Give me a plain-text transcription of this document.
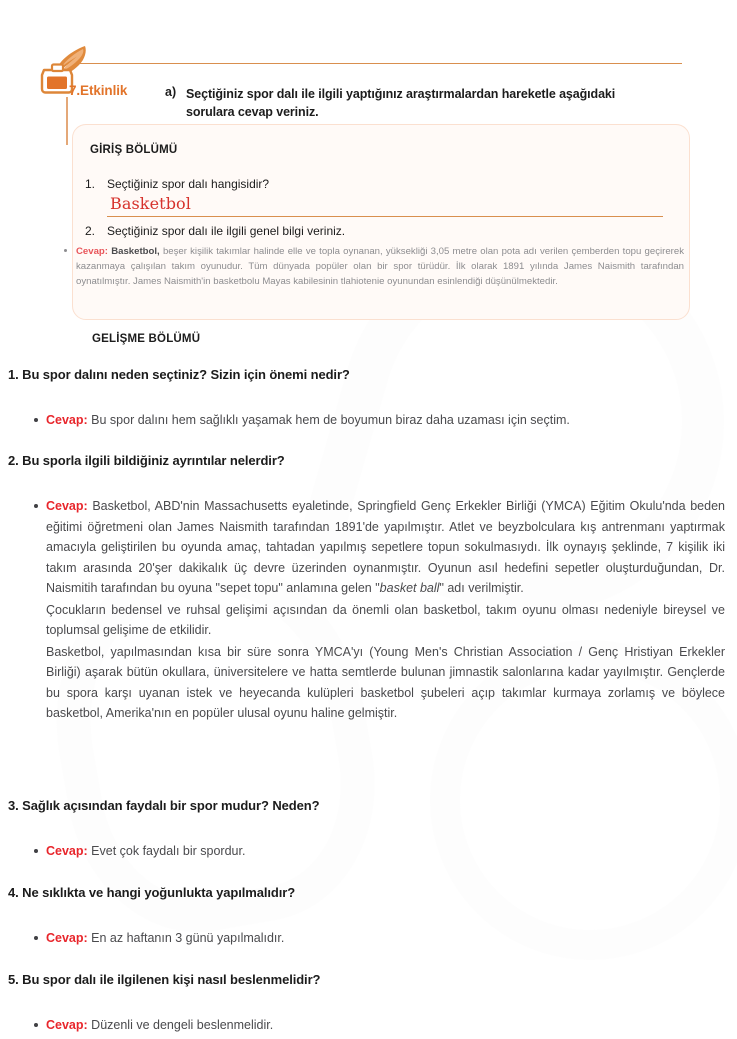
7.Etkinlik	a) Seçtiğiniz spor dalı ile ilgili yaptığınız araştırmalardan hareketle aşağıdaki sorulara cevap veriniz.
GİRİŞ BÖLÜMÜ
1. Seçtiğiniz spor dalı hangisidir?
Basketbol
2. Seçtiğiniz spor dalı ile ilgili genel bilgi veriniz.
Cevap: Basketbol, beşer kişilik takımlar halinde elle ve topla oynanan, yüksekliği 3,05 metre olan pota adı verilen çemberden topu geçirerek kazanmaya çalışılan takım oyunudur. Tüm dünyada popüler olan bir spor türüdür. İlk olarak 1891 yılında James Naismith tarafından oynatılmıştır. James Naismith'in basketbolu Mayas kabilesinin tlahiotenie oyunundan esinlendiği düşünülmektedir.
GELİŞME BÖLÜMÜ
1. Bu spor dalını neden seçtiniz? Sizin için önemi nedir?

Cevap: Bu spor dalını hem sağlıklı yaşamak hem de boyumun biraz daha uzaması için seçtim.

2. Bu sporla ilgili bildiğiniz ayrıntılar nelerdir?

Cevap: Basketbol, ABD'nin Massachusetts eyaletinde, Springfield Genç Erkekler Birliği (YMCA) Eğitim Okulu'nda beden eğitimi öğretmeni olan James Naismith tarafından 1891'de yapılmıştır. Atlet ve beyzbolculara kış antrenmanı yaptırmak amacıyla geliştirilen bu oyunda amaç, tahtadan yapılmış sepetlere topun sokulmasıydı. İlk oynayış şeklinde, 7 kişilik iki takım arasında 20'şer dakikalık üç devre üzerinden oynanmıştır. Oyunun asıl hedefini sepetler oluşturduğundan, Dr. Naismitih tarafından bu oyuna "sepet topu" anlamına gelen "basket ball" adı verilmiştir.

Çocukların bedensel ve ruhsal gelişimi açısından da önemli olan basketbol, takım oyunu olması nedeniyle bireysel ve toplumsal gelişime de etkilidir.

Basketbol, yapılmasından kısa bir süre sonra YMCA'yı (Young Men's Christian Association / Genç Hristiyan Erkekler Birliği) aşarak bütün okullara, üniversitelere ve hatta semtlerde bulunan jimnastik salonlarına kadar yayılmıştır. Gençlerde bu spora karşı uyanan istek ve heyecanda kulüpleri basketbol şubeleri açıp takımlar kurmaya zorlamış ve böylece basketbol, Amerika'nın en popüler ulusal oyunu haline gelmiştir.

3. Sağlık açısından faydalı bir spor mudur? Neden?

Cevap: Evet çok faydalı bir spordur.

4. Ne sıklıkta ve hangi yoğunlukta yapılmalıdır?

Cevap: En az haftanın 3 günü yapılmalıdır.

5. Bu spor dalı ile ilgilenen kişi nasıl beslenmelidir?

Cevap: Düzenli ve dengeli beslenmelidir.
